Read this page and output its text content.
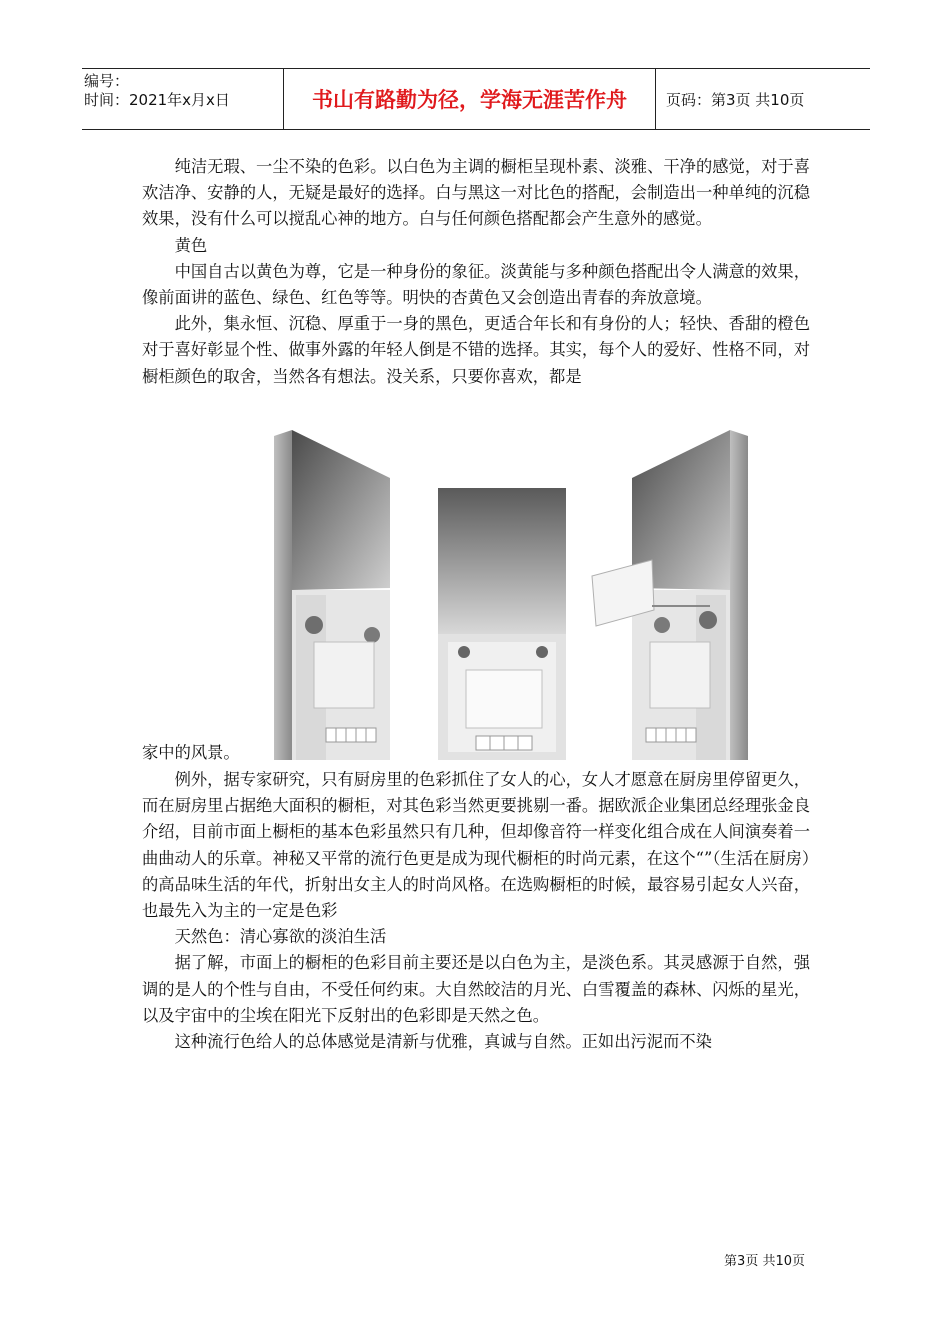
编号：
时间：2021年x月x日	书山有路勤为径，学海无涯苦作舟	页码：第3页 共10页

纯洁无瑕、一尘不染的色彩。以白色为主调的橱柜呈现朴素、淡雅、干净的感觉，对于喜欢洁净、安静的人，无疑是最好的选择。白与黑这一对比色的搭配，会制造出一种单纯的沉稳效果，没有什么可以搅乱心神的地方。白与任何颜色搭配都会产生意外的感觉。

黄色

中国自古以黄色为尊，它是一种身份的象征。淡黄能与多种颜色搭配出令人满意的效果，像前面讲的蓝色、绿色、红色等等。明快的杏黄色又会创造出青春的奔放意境。

此外，集永恒、沉稳、厚重于一身的黑色，更适合年长和有身份的人；轻快、香甜的橙色对于喜好彰显个性、做事外露的年轻人倒是不错的选择。其实，每个人的爱好、性格不同，对橱柜颜色的取舍，当然各有想法。没关系，只要你喜欢，都是

家中的风景。

例外，据专家研究，只有厨房里的色彩抓住了女人的心，女人才愿意在厨房里停留更久，而在厨房里占据绝大面积的橱柜，对其色彩当然更要挑剔一番。据欧派企业集团总经理张金良介绍，目前市面上橱柜的基本色彩虽然只有几种，但却像音符一样变化组合成在人间演奏着一曲曲动人的乐章。神秘又平常的流行色更是成为现代橱柜的时尚元素，在这个“”（生活在厨房）的高品味生活的年代，折射出女主人的时尚风格。在选购橱柜的时候，最容易引起女人兴奋，也最先入为主的一定是色彩

天然色：清心寡欲的淡泊生活

据了解，市面上的橱柜的色彩目前主要还是以白色为主，是淡色系。其灵感源于自然，强调的是人的个性与自由，不受任何约束。大自然皎洁的月光、白雪覆盖的森林、闪烁的星光，以及宇宙中的尘埃在阳光下反射出的色彩即是天然之色。

这种流行色给人的总体感觉是清新与优雅，真诚与自然。正如出污泥而不染

第3页 共10页
